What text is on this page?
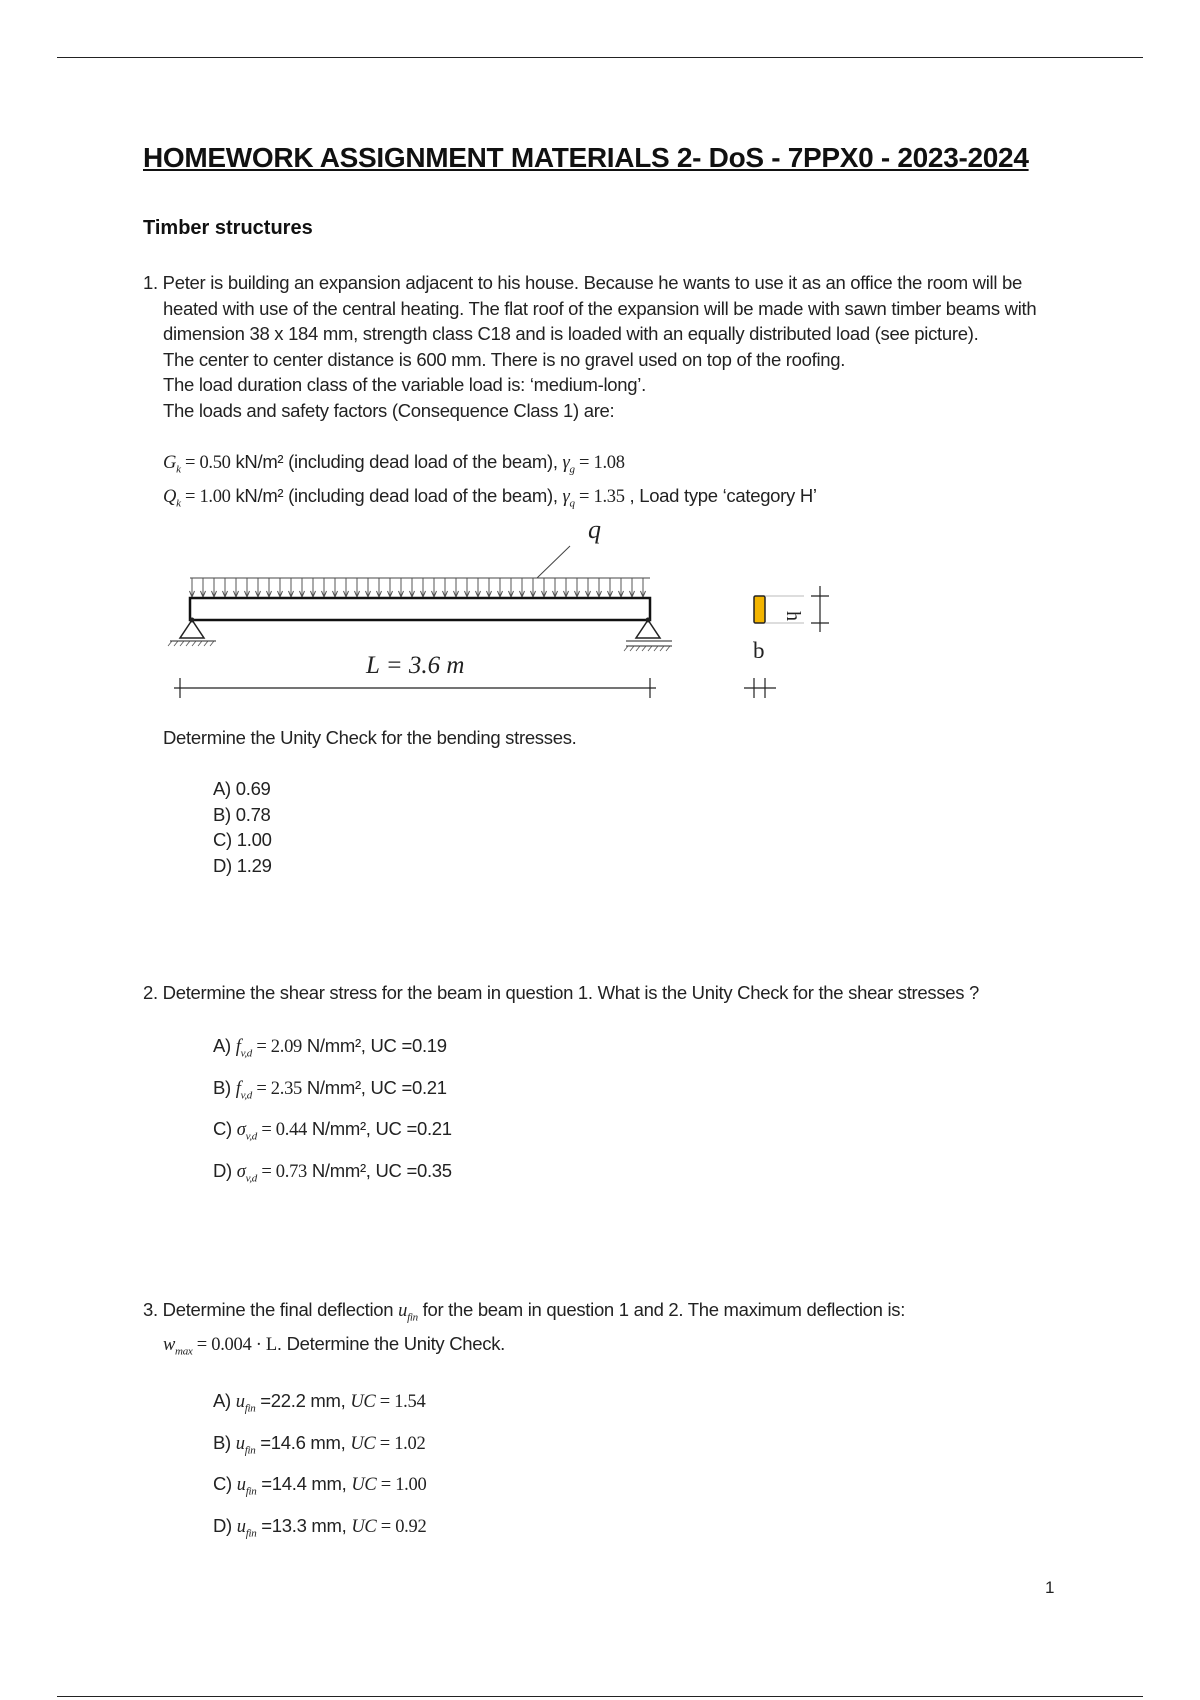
HOMEWORK ASSIGNMENT MATERIALS 2- DoS - 7PPX0 - 2023-2024
Timber structures
1. Peter is building an expansion adjacent to his house. Because he wants to use it as an office the room will be
heated with use of the central heating. The flat roof of the expansion will be made with sawn timber beams with
dimension 38 x 184 mm, strength class C18 and is loaded with an equally distributed load (see picture).
The center to center distance is 600 mm. There is no gravel used on top of the roofing.
The load duration class of the variable load is: ‘medium-long’.
The loads and safety factors (Consequence Class 1) are:
$G_k = 0.50$ kN/m² (including dead load of the beam), $\gamma_g = 1.08$
$Q_k = 1.00$ kN/m² (including dead load of the beam), $\gamma_q = 1.35$ , Load type ‘category H’
q
L = 3.6 m
h
b
Determine the Unity Check for the bending stresses.
A) 0.69
B) 0.78
C) 1.00
D) 1.29
2. Determine the shear stress for the beam in question 1. What is the Unity Check for the shear stresses ?
A) $f_{v,d} = 2.09$ N/mm², UC =0.19
B) $f_{v,d} = 2.35$ N/mm², UC =0.21
C) $\sigma_{v,d} = 0.44$ N/mm², UC =0.21
D) $\sigma_{v,d} = 0.73$ N/mm², UC =0.35
3. Determine the final deflection $u_{fin}$ for the beam in question 1 and 2. The maximum deflection is:
$w_{max} = 0.004 \cdot L$. Determine the Unity Check.
A) $u_{fin} =22.2$ mm, UC = 1.54
B) $u_{fin} =14.6$ mm, UC = 1.02
C) $u_{fin} =14.4$ mm, UC = 1.00
D) $u_{fin} =13.3$ mm, UC = 0.92
1
